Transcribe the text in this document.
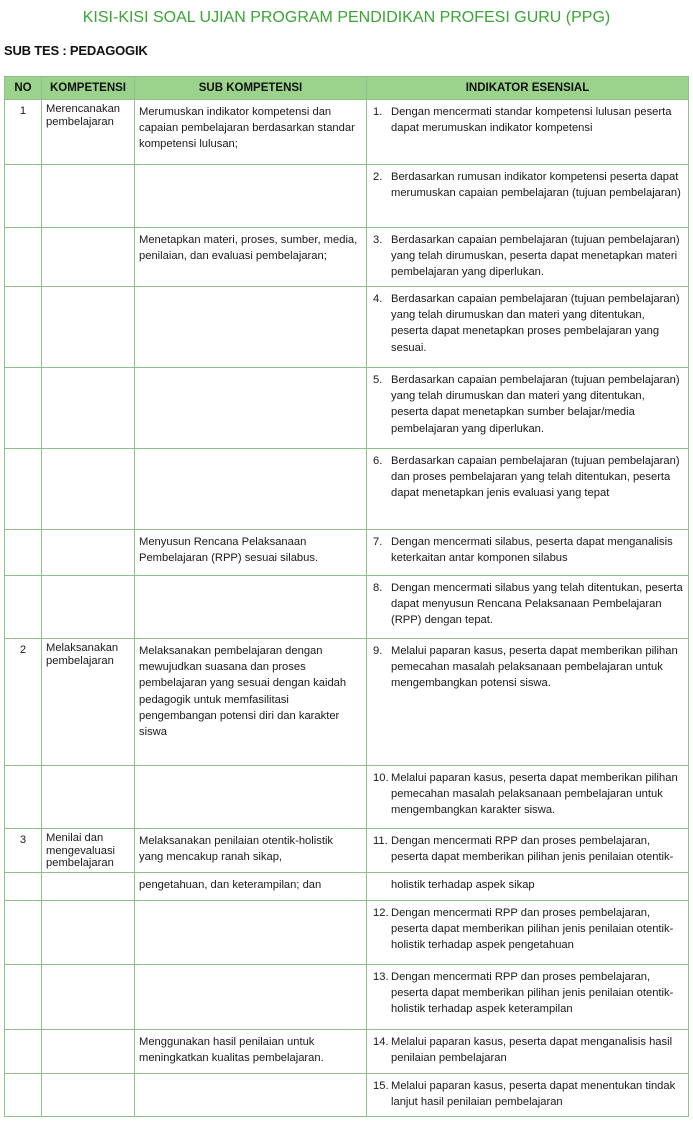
KISI-KISI SOAL UJIAN PROGRAM PENDIDIKAN PROFESI GURU (PPG)
SUB TES : PEDAGOGIK
NO	KOMPETENSI	SUB KOMPETENSI	INDIKATOR ESENSIAL
1	Merencanakan pembelajaran	Merumuskan indikator kompetensi dan capaian pembelajaran berdasarkan standar kompetensi lulusan;	1. Dengan mencermati standar kompetensi lulusan peserta dapat merumuskan indikator kompetensi

			2. Berdasarkan rumusan indikator kompetensi peserta dapat merumuskan capaian pembelajaran (tujuan pembelajaran)

		Menetapkan materi, proses, sumber, media, penilaian, dan evaluasi pembelajaran;	3. Berdasarkan capaian pembelajaran (tujuan pembelajaran) yang telah dirumuskan, peserta dapat menetapkan materi pembelajaran yang diperlukan.

			4. Berdasarkan capaian pembelajaran (tujuan pembelajaran) yang telah dirumuskan dan materi yang ditentukan, peserta dapat menetapkan proses pembelajaran yang sesuai.

			5. Berdasarkan capaian pembelajaran (tujuan pembelajaran) yang telah dirumuskan dan materi yang ditentukan, peserta dapat menetapkan sumber belajar/media pembelajaran yang diperlukan.

			6. Berdasarkan capaian pembelajaran (tujuan pembelajaran) dan proses pembelajaran yang telah ditentukan, peserta dapat menetapkan jenis evaluasi yang tepat

		Menyusun Rencana Pelaksanaan Pembelajaran (RPP) sesuai silabus.	7. Dengan mencermati silabus, peserta dapat menganalisis keterkaitan antar komponen silabus

			8. Dengan mencermati silabus yang telah ditentukan, peserta dapat menyusun Rencana Pelaksanaan Pembelajaran (RPP) dengan tepat.

2	Melaksanakan pembelajaran	Melaksanakan pembelajaran dengan mewujudkan suasana dan proses pembelajaran yang sesuai dengan kaidah pedagogik untuk memfasilitasi pengembangan potensi diri dan karakter siswa	9. Melalui paparan kasus, peserta dapat memberikan pilihan pemecahan masalah pelaksanaan pembelajaran untuk mengembangkan potensi siswa.

			10. Melalui paparan kasus, peserta dapat memberikan pilihan pemecahan masalah pelaksanaan pembelajaran untuk mengembangkan karakter siswa.

3	Menilai dan mengevaluasi pembelajaran	Melaksanakan penilaian otentik-holistik yang mencakup ranah sikap,	11. Dengan mencermati RPP dan proses pembelajaran, peserta dapat memberikan pilihan jenis penilaian otentik-

		pengetahuan, dan keterampilan; dan	holistik terhadap aspek sikap

			12. Dengan mencermati RPP dan proses pembelajaran, peserta dapat memberikan pilihan jenis penilaian otentik-holistik terhadap aspek pengetahuan

			13. Dengan mencermati RPP dan proses pembelajaran, peserta dapat memberikan pilihan jenis penilaian otentik-holistik terhadap aspek keterampilan

		Menggunakan hasil penilaian untuk meningkatkan kualitas pembelajaran.	14. Melalui paparan kasus, peserta dapat menganalisis hasil penilaian pembelajaran

			15. Melalui paparan kasus, peserta dapat menentukan tindak lanjut hasil penilaian pembelajaran
